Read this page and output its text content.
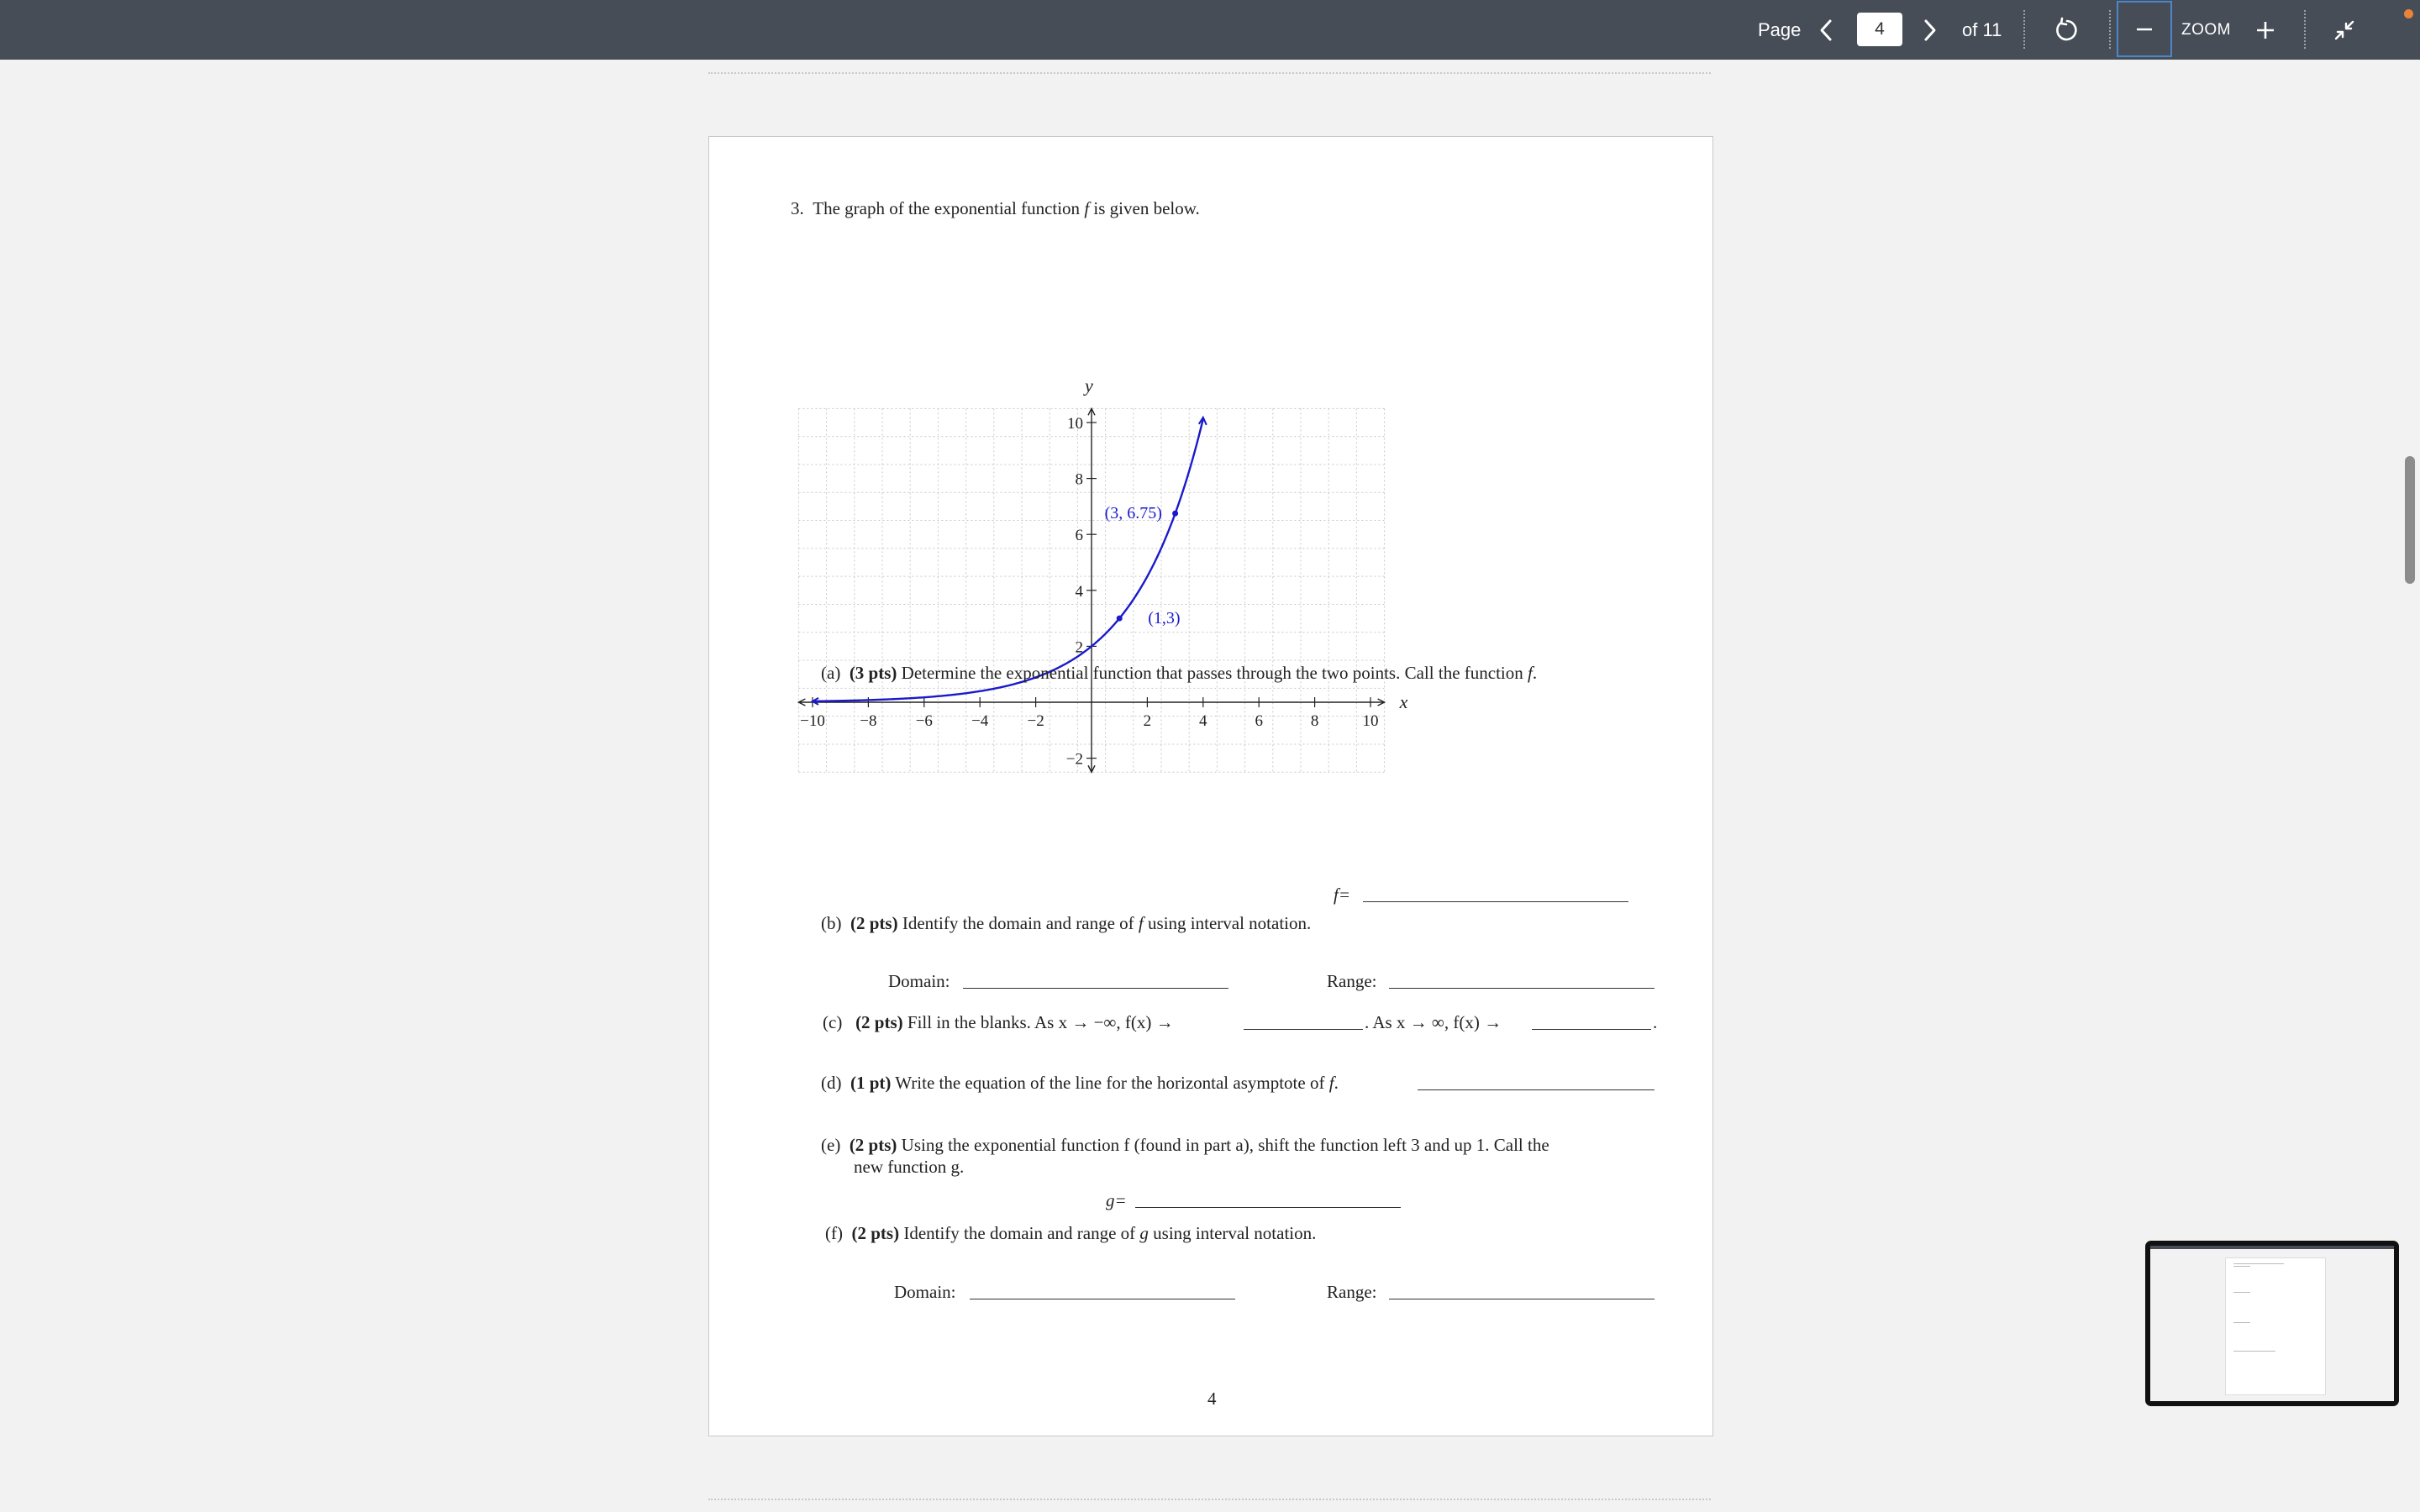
Page
4	of 11	ZOOM
3. The graph of the exponential function f is given below.
x
y
−10 −8 −6 −4 −2	2	4	6	8	10
−2
2
4
6
8
10
(1,3)
(3, 6.75)
(a) (3 pts) Determine the exponential function that passes through the two points. Call the function f.
f=
(b) (2 pts) Identify the domain and range of f using interval notation.
Domain:	Range:
(c) (2 pts) Fill in the blanks. As x → −∞, f(x) →	. As x → ∞, f(x) →	.
(d) (1 pt) Write the equation of the line for the horizontal asymptote of f.
(e) (2 pts) Using the exponential function f (found in part a), shift the function left 3 and up 1. Call the
new function g.
g=
(f) (2 pts) Identify the domain and range of g using interval notation.
Domain:	Range:
4
